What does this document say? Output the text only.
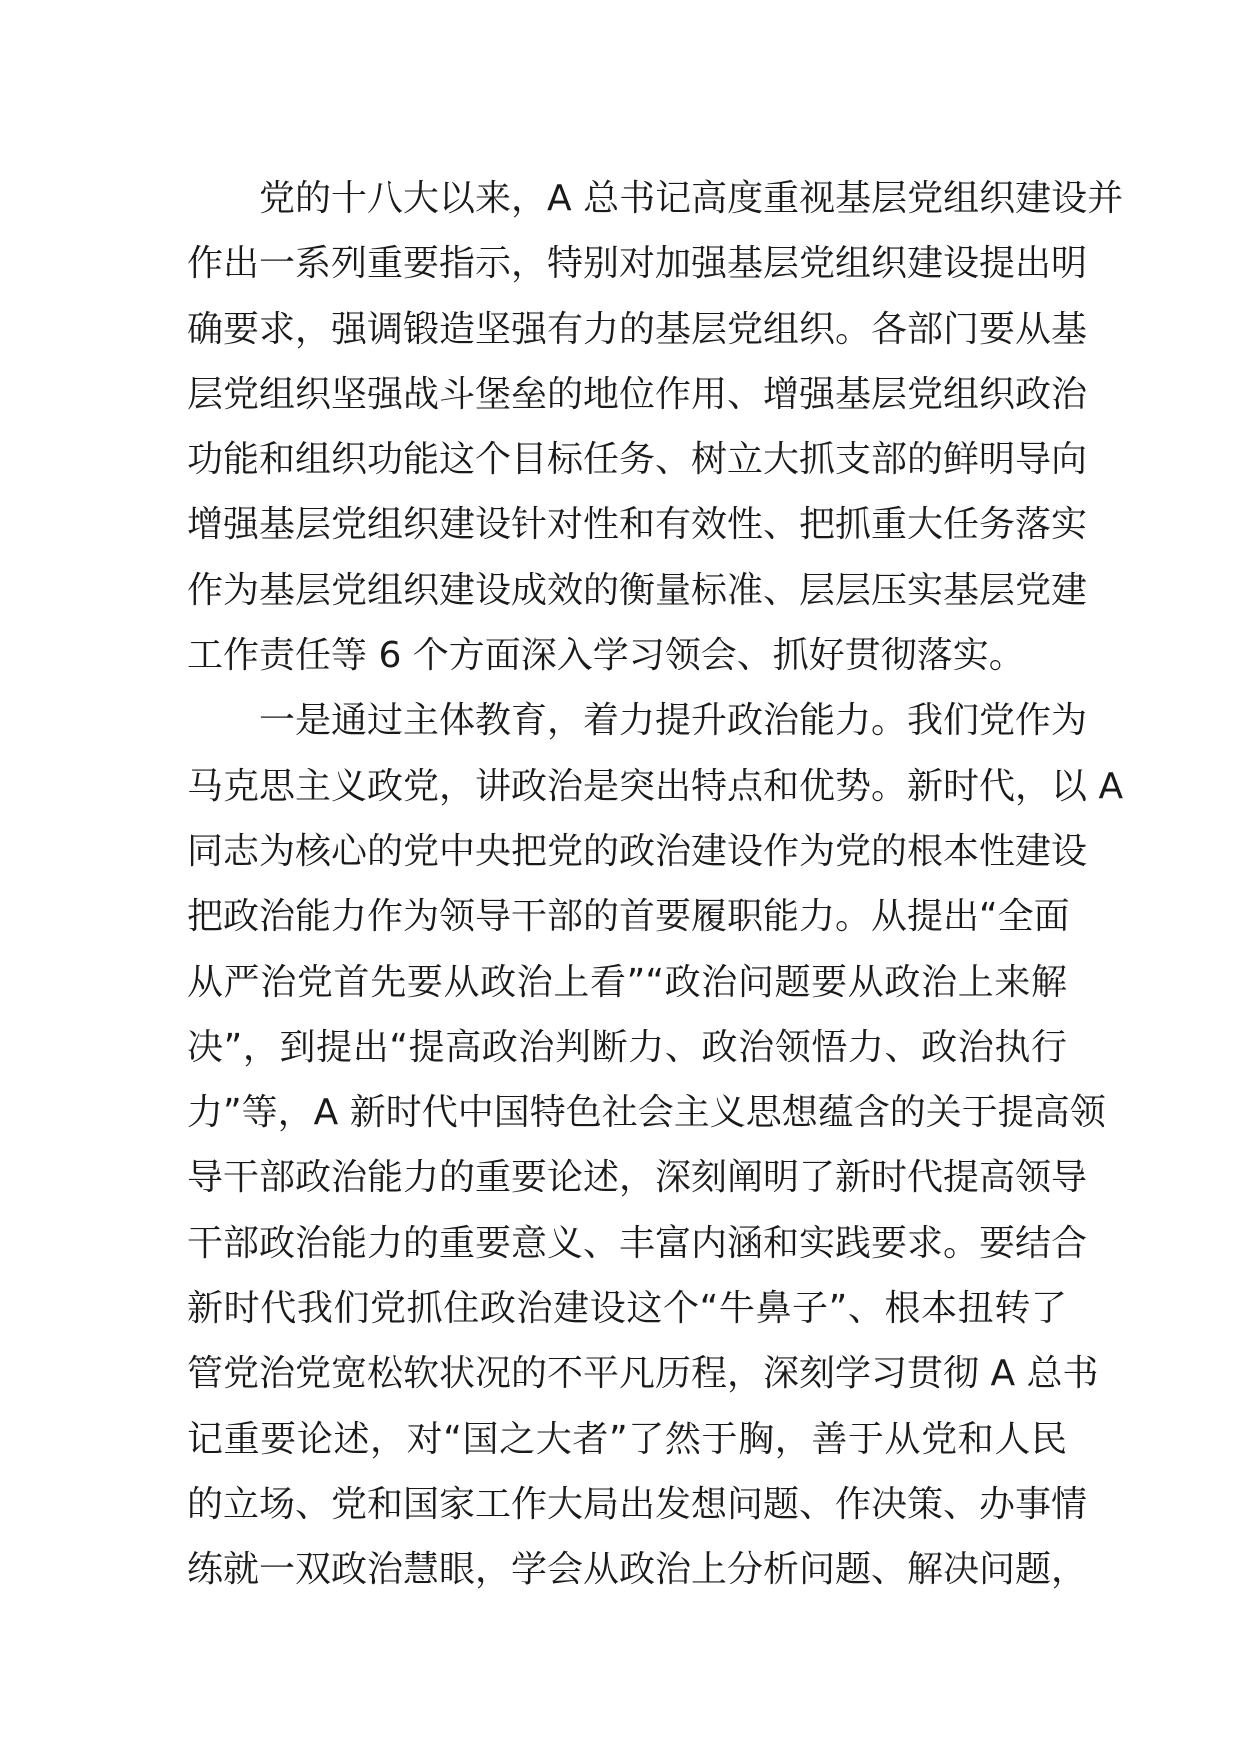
党的十八大以来，A 总书记高度重视基层党组织建设并
作出一系列重要指示，特别对加强基层党组织建设提出明
确要求，强调锻造坚强有力的基层党组织。各部门要从基
层党组织坚强战斗堡垒的地位作用、增强基层党组织政治
功能和组织功能这个目标任务、树立大抓支部的鲜明导向
增强基层党组织建设针对性和有效性、把抓重大任务落实
作为基层党组织建设成效的衡量标准、层层压实基层党建
工作责任等 6 个方面深入学习领会、抓好贯彻落实。
一是通过主体教育，着力提升政治能力。我们党作为
马克思主义政党，讲政治是突出特点和优势。新时代，以 A
同志为核心的党中央把党的政治建设作为党的根本性建设
把政治能力作为领导干部的首要履职能力。从提出“全面
从严治党首先要从政治上看”“政治问题要从政治上来解
决”，到提出“提高政治判断力、政治领悟力、政治执行
力”等，A 新时代中国特色社会主义思想蕴含的关于提高领
导干部政治能力的重要论述，深刻阐明了新时代提高领导
干部政治能力的重要意义、丰富内涵和实践要求。要结合
新时代我们党抓住政治建设这个“牛鼻子”、根本扭转了
管党治党宽松软状况的不平凡历程，深刻学习贯彻 A 总书
记重要论述，对“国之大者”了然于胸，善于从党和人民
的立场、党和国家工作大局出发想问题、作决策、办事情
练就一双政治慧眼，学会从政治上分析问题、解决问题，
